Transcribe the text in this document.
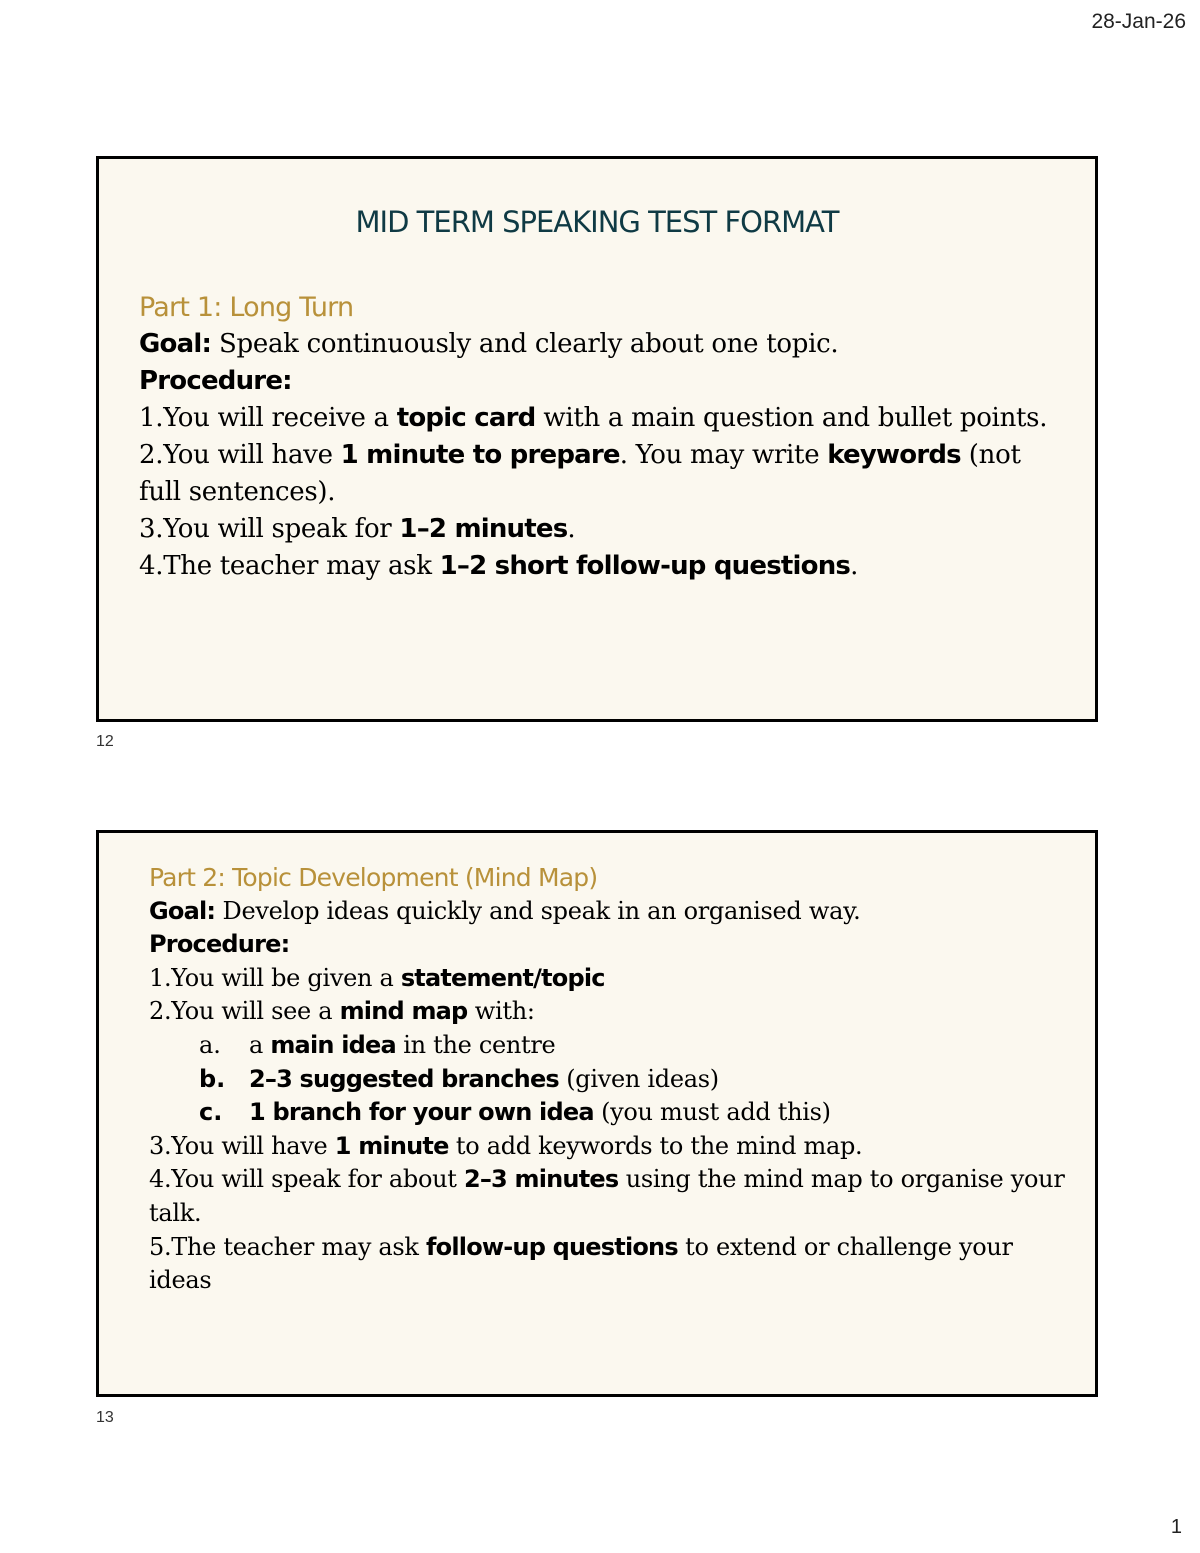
28-Jan-26
MID TERM SPEAKING TEST FORMAT
Part 1: Long Turn
Goal: Speak continuously and clearly about one topic.
Procedure:
1.You will receive a topic card with a main question and bullet points.
2.You will have 1 minute to prepare. You may write keywords (not full sentences).
3.You will speak for 1–2 minutes.
4.The teacher may ask 1–2 short follow-up questions.
12
Part 2: Topic Development (Mind Map)
Goal: Develop ideas quickly and speak in an organised way.
Procedure:
1.You will be given a statement/topic
2.You will see a mind map with:
a.	a main idea in the centre
b. 2–3 suggested branches (given ideas)
c.	1 branch for your own idea (you must add this)
3.You will have 1 minute to add keywords to the mind map.
4.You will speak for about 2–3 minutes using the mind map to organise your talk.
5.The teacher may ask follow-up questions to extend or challenge your ideas
13
1
